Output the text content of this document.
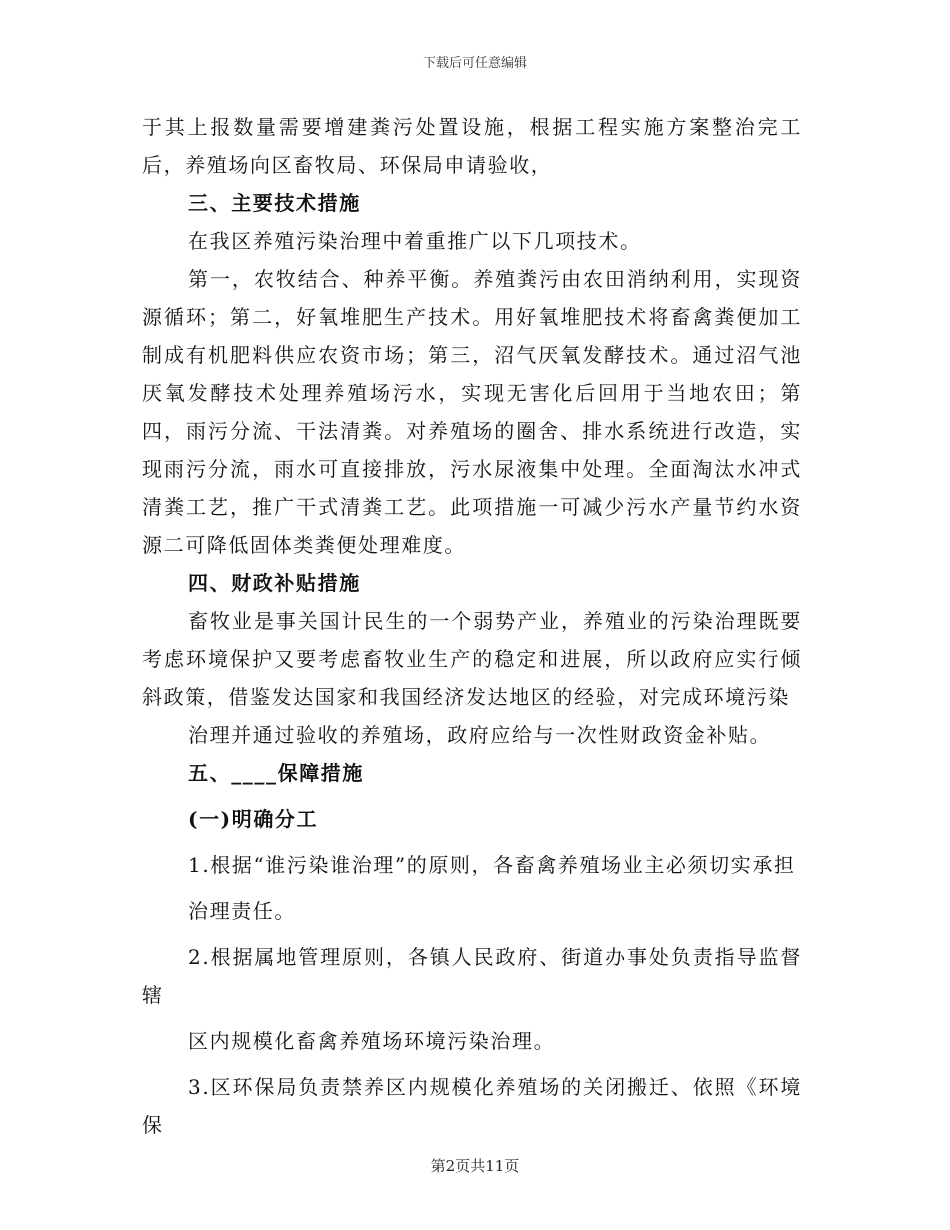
下载后可任意编辑

于其上报数量需要增建粪污处置设施，根据工程实施方案整治完工后，养殖场向区畜牧局、环保局申请验收，

三、主要技术措施

在我区养殖污染治理中着重推广以下几项技术。

第一，农牧结合、种养平衡。养殖粪污由农田消纳利用，实现资源循环；第二，好氧堆肥生产技术。用好氧堆肥技术将畜禽粪便加工制成有机肥料供应农资市场；第三，沼气厌氧发酵技术。通过沼气池厌氧发酵技术处理养殖场污水，实现无害化后回用于当地农田；第四，雨污分流、干法清粪。对养殖场的圈舍、排水系统进行改造，实现雨污分流，雨水可直接排放，污水尿液集中处理。全面淘汰水冲式清粪工艺，推广干式清粪工艺。此项措施一可减少污水产量节约水资源二可降低固体类粪便处理难度。

四、财政补贴措施

畜牧业是事关国计民生的一个弱势产业，养殖业的污染治理既要考虑环境保护又要考虑畜牧业生产的稳定和进展，所以政府应实行倾斜政策，借鉴发达国家和我国经济发达地区的经验，对完成环境污染

治理并通过验收的养殖场，政府应给与一次性财政资金补贴。

五、____保障措施

(一)明确分工

1.根据“谁污染谁治理”的原则，各畜禽养殖场业主必须切实承担

治理责任。

2.根据属地管理原则，各镇人民政府、街道办事处负责指导监督辖

区内规模化畜禽养殖场环境污染治理。

3.区环保局负责禁养区内规模化养殖场的关闭搬迁、依照《环境保

第2页共11页
